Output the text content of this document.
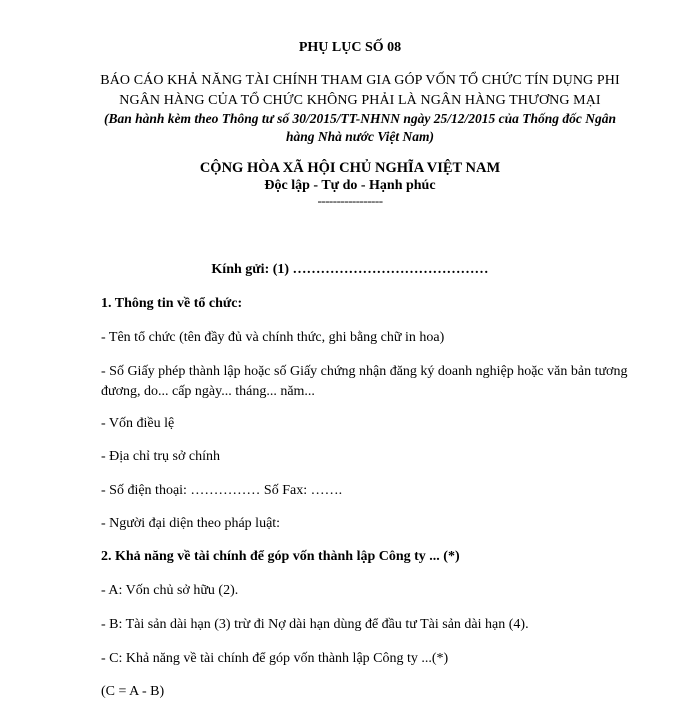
PHỤ LỤC SỐ 08
BÁO CÁO KHẢ NĂNG TÀI CHÍNH THAM GIA GÓP VỐN TỔ CHỨC TÍN DỤNG PHI NGÂN HÀNG CỦA TỔ CHỨC KHÔNG PHẢI LÀ NGÂN HÀNG THƯƠNG MẠI
(Ban hành kèm theo Thông tư số 30/2015/TT-NHNN ngày 25/12/2015 của Thống đốc Ngân hàng Nhà nước Việt Nam)
CỘNG HÒA XÃ HỘI CHỦ NGHĨA VIỆT NAM
Độc lập - Tự do - Hạnh phúc
-----------------
Kính gửi: (1) ……………………………………
1. Thông tin về tổ chức:
- Tên tổ chức (tên đầy đủ và chính thức, ghi bằng chữ in hoa)
- Số Giấy phép thành lập hoặc số Giấy chứng nhận đăng ký doanh nghiệp hoặc văn bản tương đương, do... cấp ngày... tháng... năm...
- Vốn điều lệ
- Địa chỉ trụ sở chính
- Số điện thoại: …………… Số Fax: …….
- Người đại diện theo pháp luật:
2. Khả năng về tài chính để góp vốn thành lập Công ty ... (*)
- A: Vốn chủ sở hữu (2).
- B: Tài sản dài hạn (3) trừ đi Nợ dài hạn dùng để đầu tư Tài sản dài hạn (4).
- C: Khả năng về tài chính để góp vốn thành lập Công ty ...(*)
(C = A - B)
